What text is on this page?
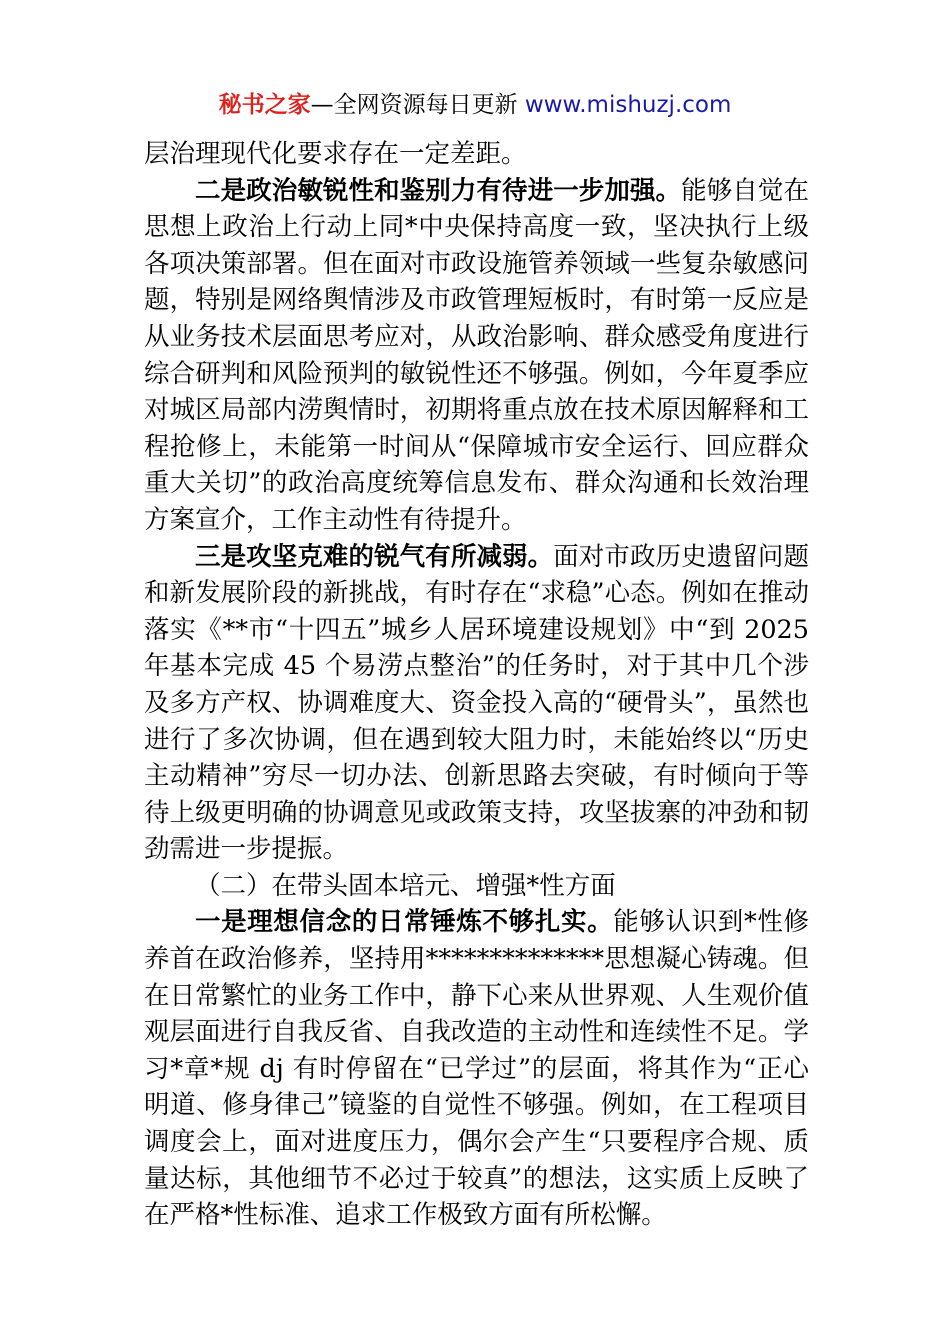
秘书之家—全网资源每日更新 www.mishuzj.com

层治理现代化要求存在一定差距。

二是政治敏锐性和鉴别力有待进一步加强。能够自觉在思想上政治上行动上同*中央保持高度一致，坚决执行上级各项决策部署。但在面对市政设施管养领域一些复杂敏感问题，特别是网络舆情涉及市政管理短板时，有时第一反应是从业务技术层面思考应对，从政治影响、群众感受角度进行综合研判和风险预判的敏锐性还不够强。例如，今年夏季应对城区局部内涝舆情时，初期将重点放在技术原因解释和工程抢修上，未能第一时间从“保障城市安全运行、回应群众重大关切”的政治高度统筹信息发布、群众沟通和长效治理方案宣介，工作主动性有待提升。

三是攻坚克难的锐气有所减弱。面对市政历史遗留问题和新发展阶段的新挑战，有时存在“求稳”心态。例如在推动落实《**市“十四五”城乡人居环境建设规划》中“到 2025 年基本完成 45 个易涝点整治”的任务时，对于其中几个涉及多方产权、协调难度大、资金投入高的“硬骨头”，虽然也进行了多次协调，但在遇到较大阻力时，未能始终以“历史主动精神”穷尽一切办法、创新思路去突破，有时倾向于等待上级更明确的协调意见或政策支持，攻坚拔寨的冲劲和韧劲需进一步提振。

（二）在带头固本培元、增强*性方面

一是理想信念的日常锤炼不够扎实。能够认识到*性修养首在政治修养，坚持用**************思想凝心铸魂。但在日常繁忙的业务工作中，静下心来从世界观、人生观价值观层面进行自我反省、自我改造的主动性和连续性不足。学习*章*规 dj 有时停留在“已学过”的层面，将其作为“正心明道、修身律己”镜鉴的自觉性不够强。例如，在工程项目调度会上，面对进度压力，偶尔会产生“只要程序合规、质量达标，其他细节不必过于较真”的想法，这实质上反映了在严格*性标准、追求工作极致方面有所松懈。
